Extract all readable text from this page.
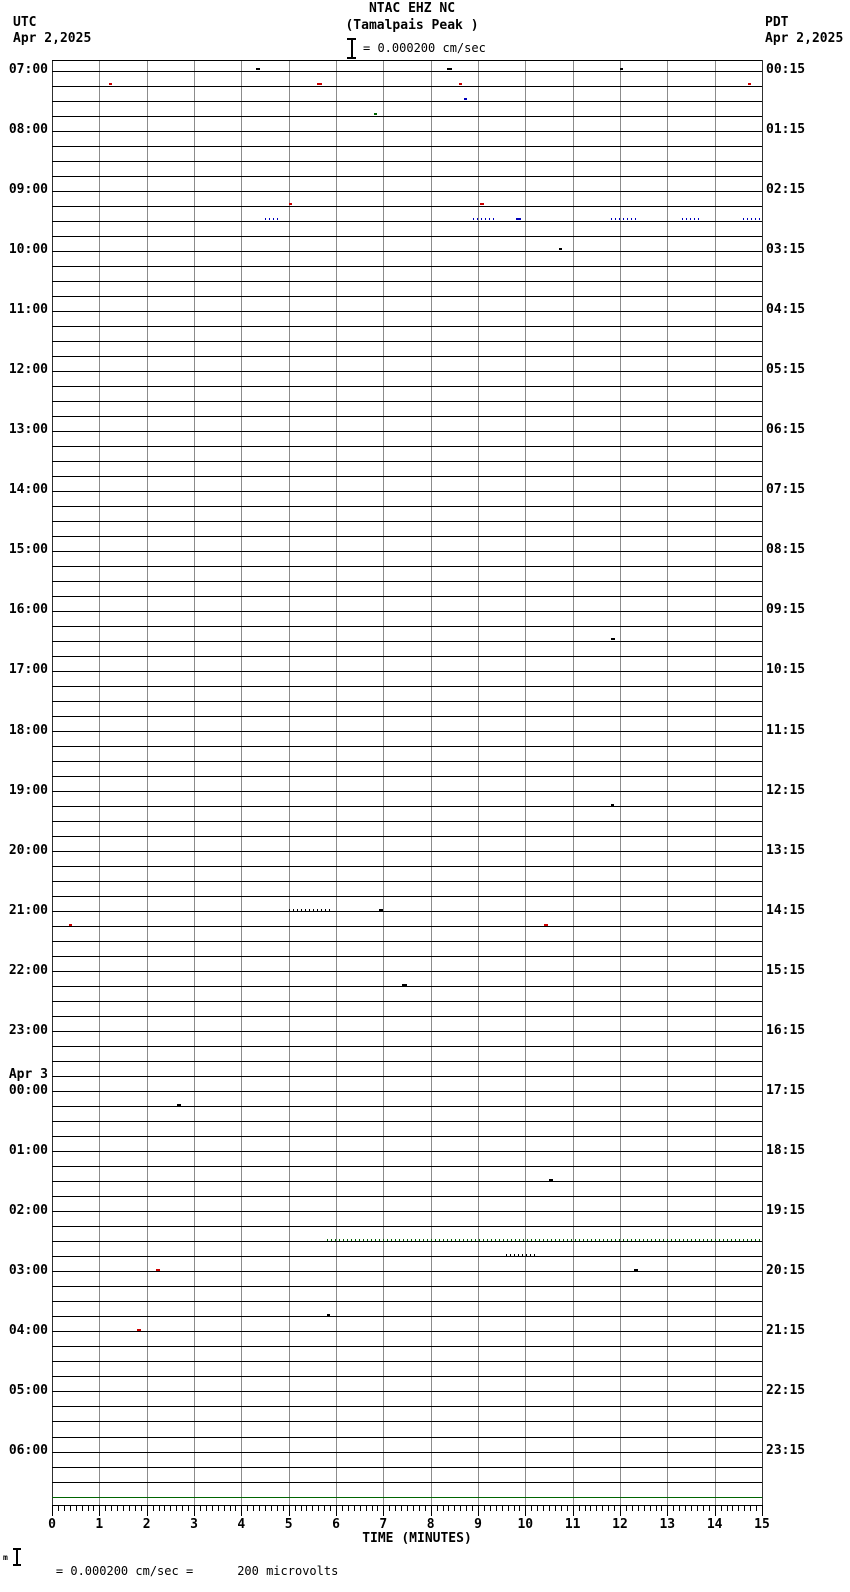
UTC
Apr 2,2025
PDT
Apr 2,2025
NTAC EHZ NC
(Tamalpais Peak )
= 0.000200 cm/sec
07:00	00:15
08:00	01:15
09:00	02:15
10:00	03:15
11:00	04:15
12:00	05:15
13:00	06:15
14:00	07:15
15:00	08:15
16:00	09:15
17:00	10:15
18:00	11:15
19:00	12:15
20:00	13:15
21:00	14:15
22:00	15:15
23:00	16:15
Apr 3
00:00	17:15
01:00	18:15
02:00	19:15
03:00	20:15
04:00	21:15
05:00	22:15
06:00	23:15
0	1	2	3	4	5	6	7	8	9	10	11	12	13	14	15
TIME (MINUTES)
m

= 0.000200 cm/sec =	200 microvolts
